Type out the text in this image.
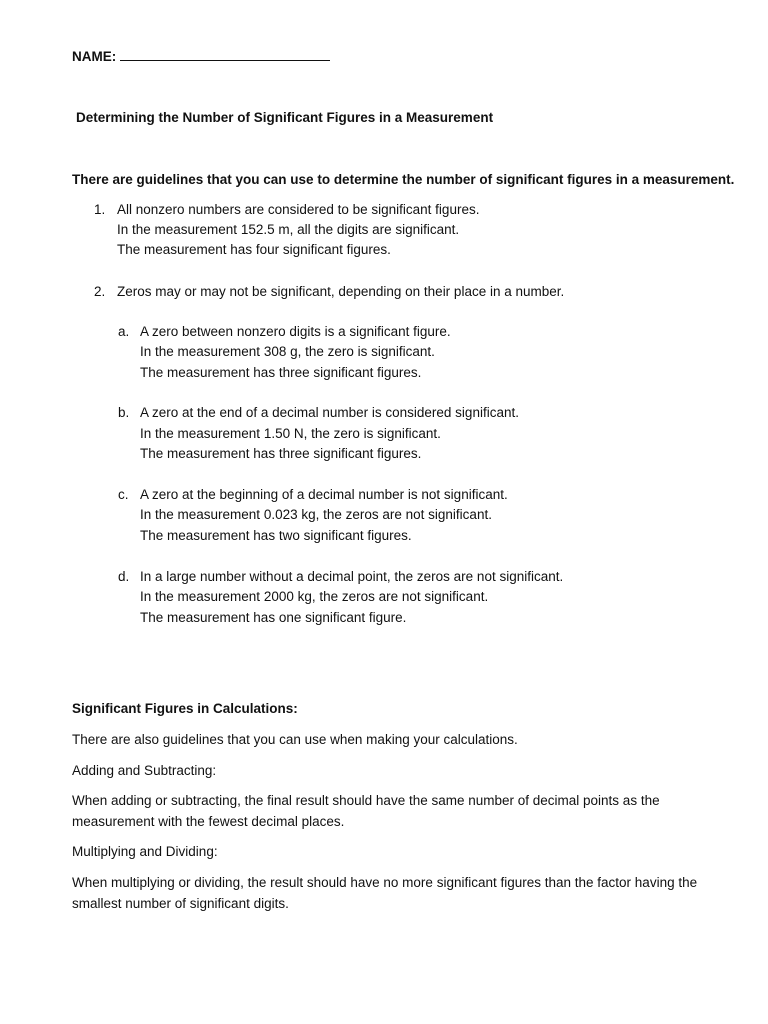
NAME:
Determining the Number of Significant Figures in a Measurement
There are guidelines that you can use to determine the number of significant figures in a measurement.
1. All nonzero numbers are considered to be significant figures.
In the measurement 152.5 m, all the digits are significant.
The measurement has four significant figures.
2. Zeros may or may not be significant, depending on their place in a number.
a. A zero between nonzero digits is a significant figure.
In the measurement 308 g, the zero is significant.
The measurement has three significant figures.
b. A zero at the end of a decimal number is considered significant.
In the measurement 1.50 N, the zero is significant.
The measurement has three significant figures.
c. A zero at the beginning of a decimal number is not significant.
In the measurement 0.023 kg, the zeros are not significant.
The measurement has two significant figures.
d. In a large number without a decimal point, the zeros are not significant.
In the measurement 2000 kg, the zeros are not significant.
The measurement has one significant figure.
Significant Figures in Calculations:
There are also guidelines that you can use when making your calculations.
Adding and Subtracting:
When adding or subtracting, the final result should have the same number of decimal points as the
measurement with the fewest decimal places.
Multiplying and Dividing:
When multiplying or dividing, the result should have no more significant figures than the factor having the
smallest number of significant digits.
